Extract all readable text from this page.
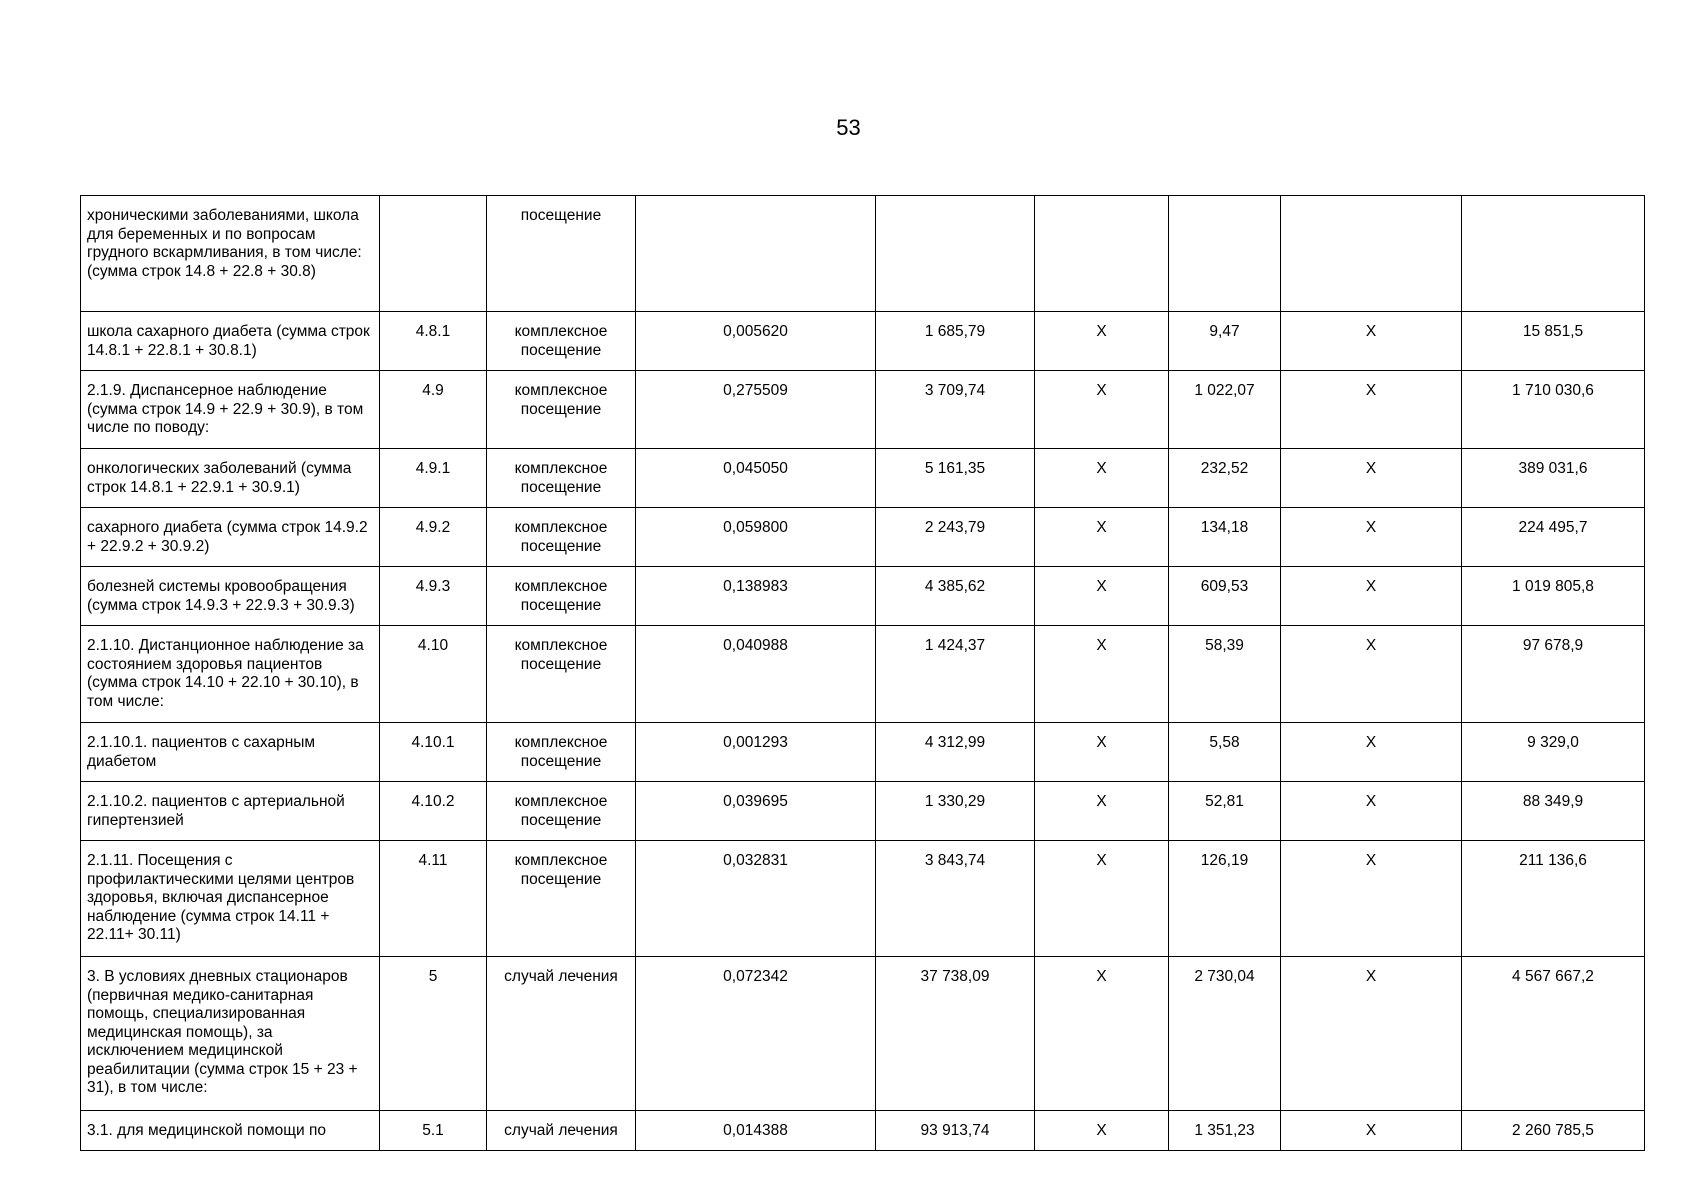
53
хроническими заболеваниями, школа для беременных и по вопросам грудного вскармливания, в том числе: (сумма строк 14.8 + 22.8 + 30.8)		посещение						
школа сахарного диабета (сумма строк 14.8.1 + 22.8.1 + 30.8.1)	4.8.1	комплексное посещение	0,005620	1 685,79	Х	9,47	Х	15 851,5
2.1.9. Диспансерное наблюдение (сумма строк 14.9 + 22.9 + 30.9), в том числе по поводу:	4.9	комплексное посещение	0,275509	3 709,74	Х	1 022,07	Х	1 710 030,6
онкологических заболеваний (сумма строк 14.8.1 + 22.9.1 + 30.9.1)	4.9.1	комплексное посещение	0,045050	5 161,35	Х	232,52	Х	389 031,6
сахарного диабета (сумма строк 14.9.2 + 22.9.2 + 30.9.2)	4.9.2	комплексное посещение	0,059800	2 243,79	Х	134,18	Х	224 495,7
болезней системы кровообращения (сумма строк 14.9.3 + 22.9.3 + 30.9.3)	4.9.3	комплексное посещение	0,138983	4 385,62	Х	609,53	Х	1 019 805,8
2.1.10. Дистанционное наблюдение за состоянием здоровья пациентов (сумма строк 14.10 + 22.10 + 30.10), в том числе:	4.10	комплексное посещение	0,040988	1 424,37	Х	58,39	Х	97 678,9
2.1.10.1. пациентов с сахарным диабетом	4.10.1	комплексное посещение	0,001293	4 312,99	Х	5,58	Х	9 329,0
2.1.10.2. пациентов с артериальной гипертензией	4.10.2	комплексное посещение	0,039695	1 330,29	Х	52,81	Х	88 349,9
2.1.11. Посещения с профилактическими целями центров здоровья, включая диспансерное наблюдение (сумма строк 14.11 + 22.11+ 30.11)	4.11	комплексное посещение	0,032831	3 843,74	Х	126,19	Х	211 136,6
3. В условиях дневных стационаров (первичная медико-санитарная помощь, специализированная медицинская помощь), за исключением медицинской реабилитации (сумма строк 15 + 23 + 31), в том числе:	5	случай лечения	0,072342	37 738,09	Х	2 730,04	Х	4 567 667,2
3.1. для медицинской помощи по	5.1	случай лечения	0,014388	93 913,74	Х	1 351,23	Х	2 260 785,5
